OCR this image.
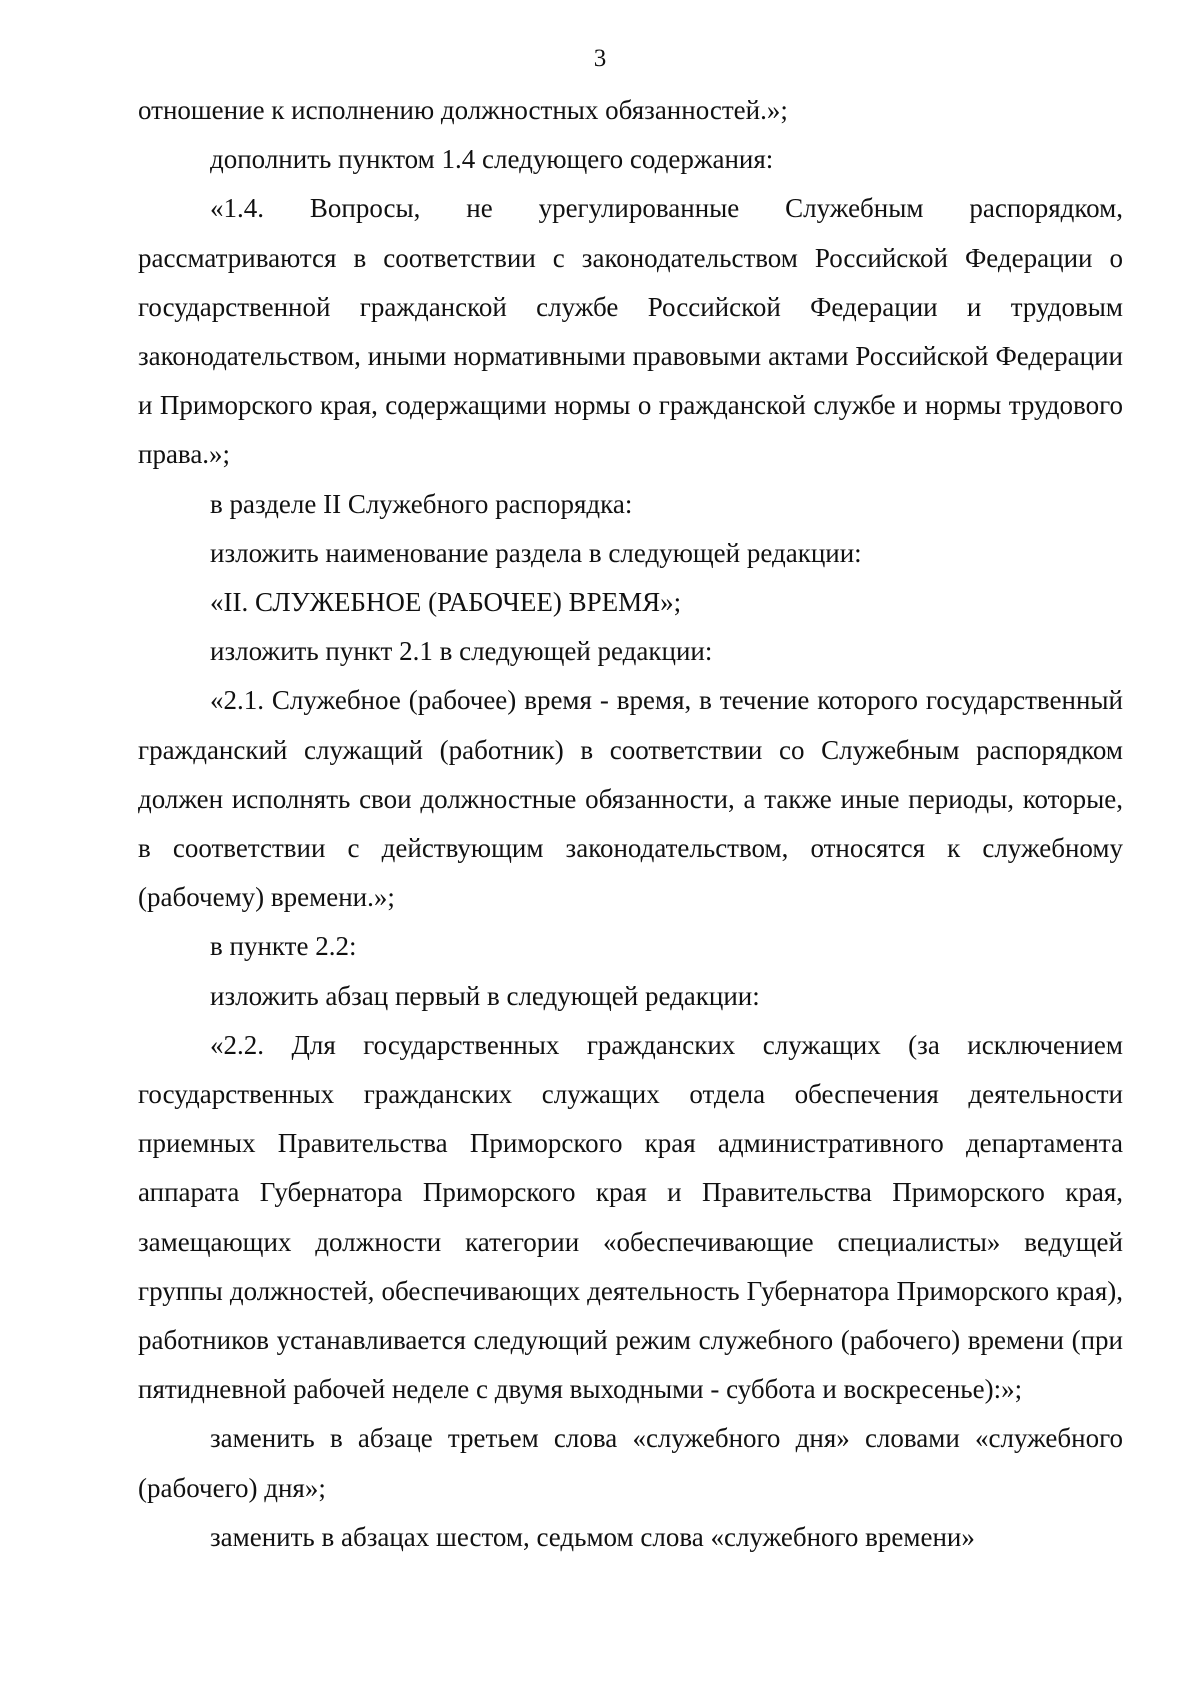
3

отношение к исполнению должностных обязанностей.»;

дополнить пунктом 1.4 следующего содержания:

«1.4. Вопросы, не урегулированные Служебным распорядком, рассматриваются в соответствии с законодательством Российской Федерации о государственной гражданской службе Российской Федерации и трудовым законодательством, иными нормативными правовыми актами Российской Федерации и Приморского края, содержащими нормы о гражданской службе и нормы трудового права.»;

в разделе II Служебного распорядка:

изложить наименование раздела в следующей редакции:

«II. СЛУЖЕБНОЕ (РАБОЧЕЕ) ВРЕМЯ»;

изложить пункт 2.1 в следующей редакции:

«2.1. Служебное (рабочее) время - время, в течение которого государственный гражданский служащий (работник) в соответствии со Служебным распорядком должен исполнять свои должностные обязанности, а также иные периоды, которые, в соответствии с действующим законодательством, относятся к служебному (рабочему) времени.»;

в пункте 2.2:

изложить абзац первый в следующей редакции:

«2.2. Для государственных гражданских служащих (за исключением государственных гражданских служащих отдела обеспечения деятельности приемных Правительства Приморского края административного департамента аппарата Губернатора Приморского края и Правительства Приморского края, замещающих должности категории «обеспечивающие специалисты» ведущей группы должностей, обеспечивающих деятельность Губернатора Приморского края), работников устанавливается следующий режим служебного (рабочего) времени (при пятидневной рабочей неделе с двумя выходными - суббота и воскресенье):»;

заменить в абзаце третьем слова «служебного дня» словами «служебного (рабочего) дня»;

заменить в абзацах шестом, седьмом слова «служебного времени»
